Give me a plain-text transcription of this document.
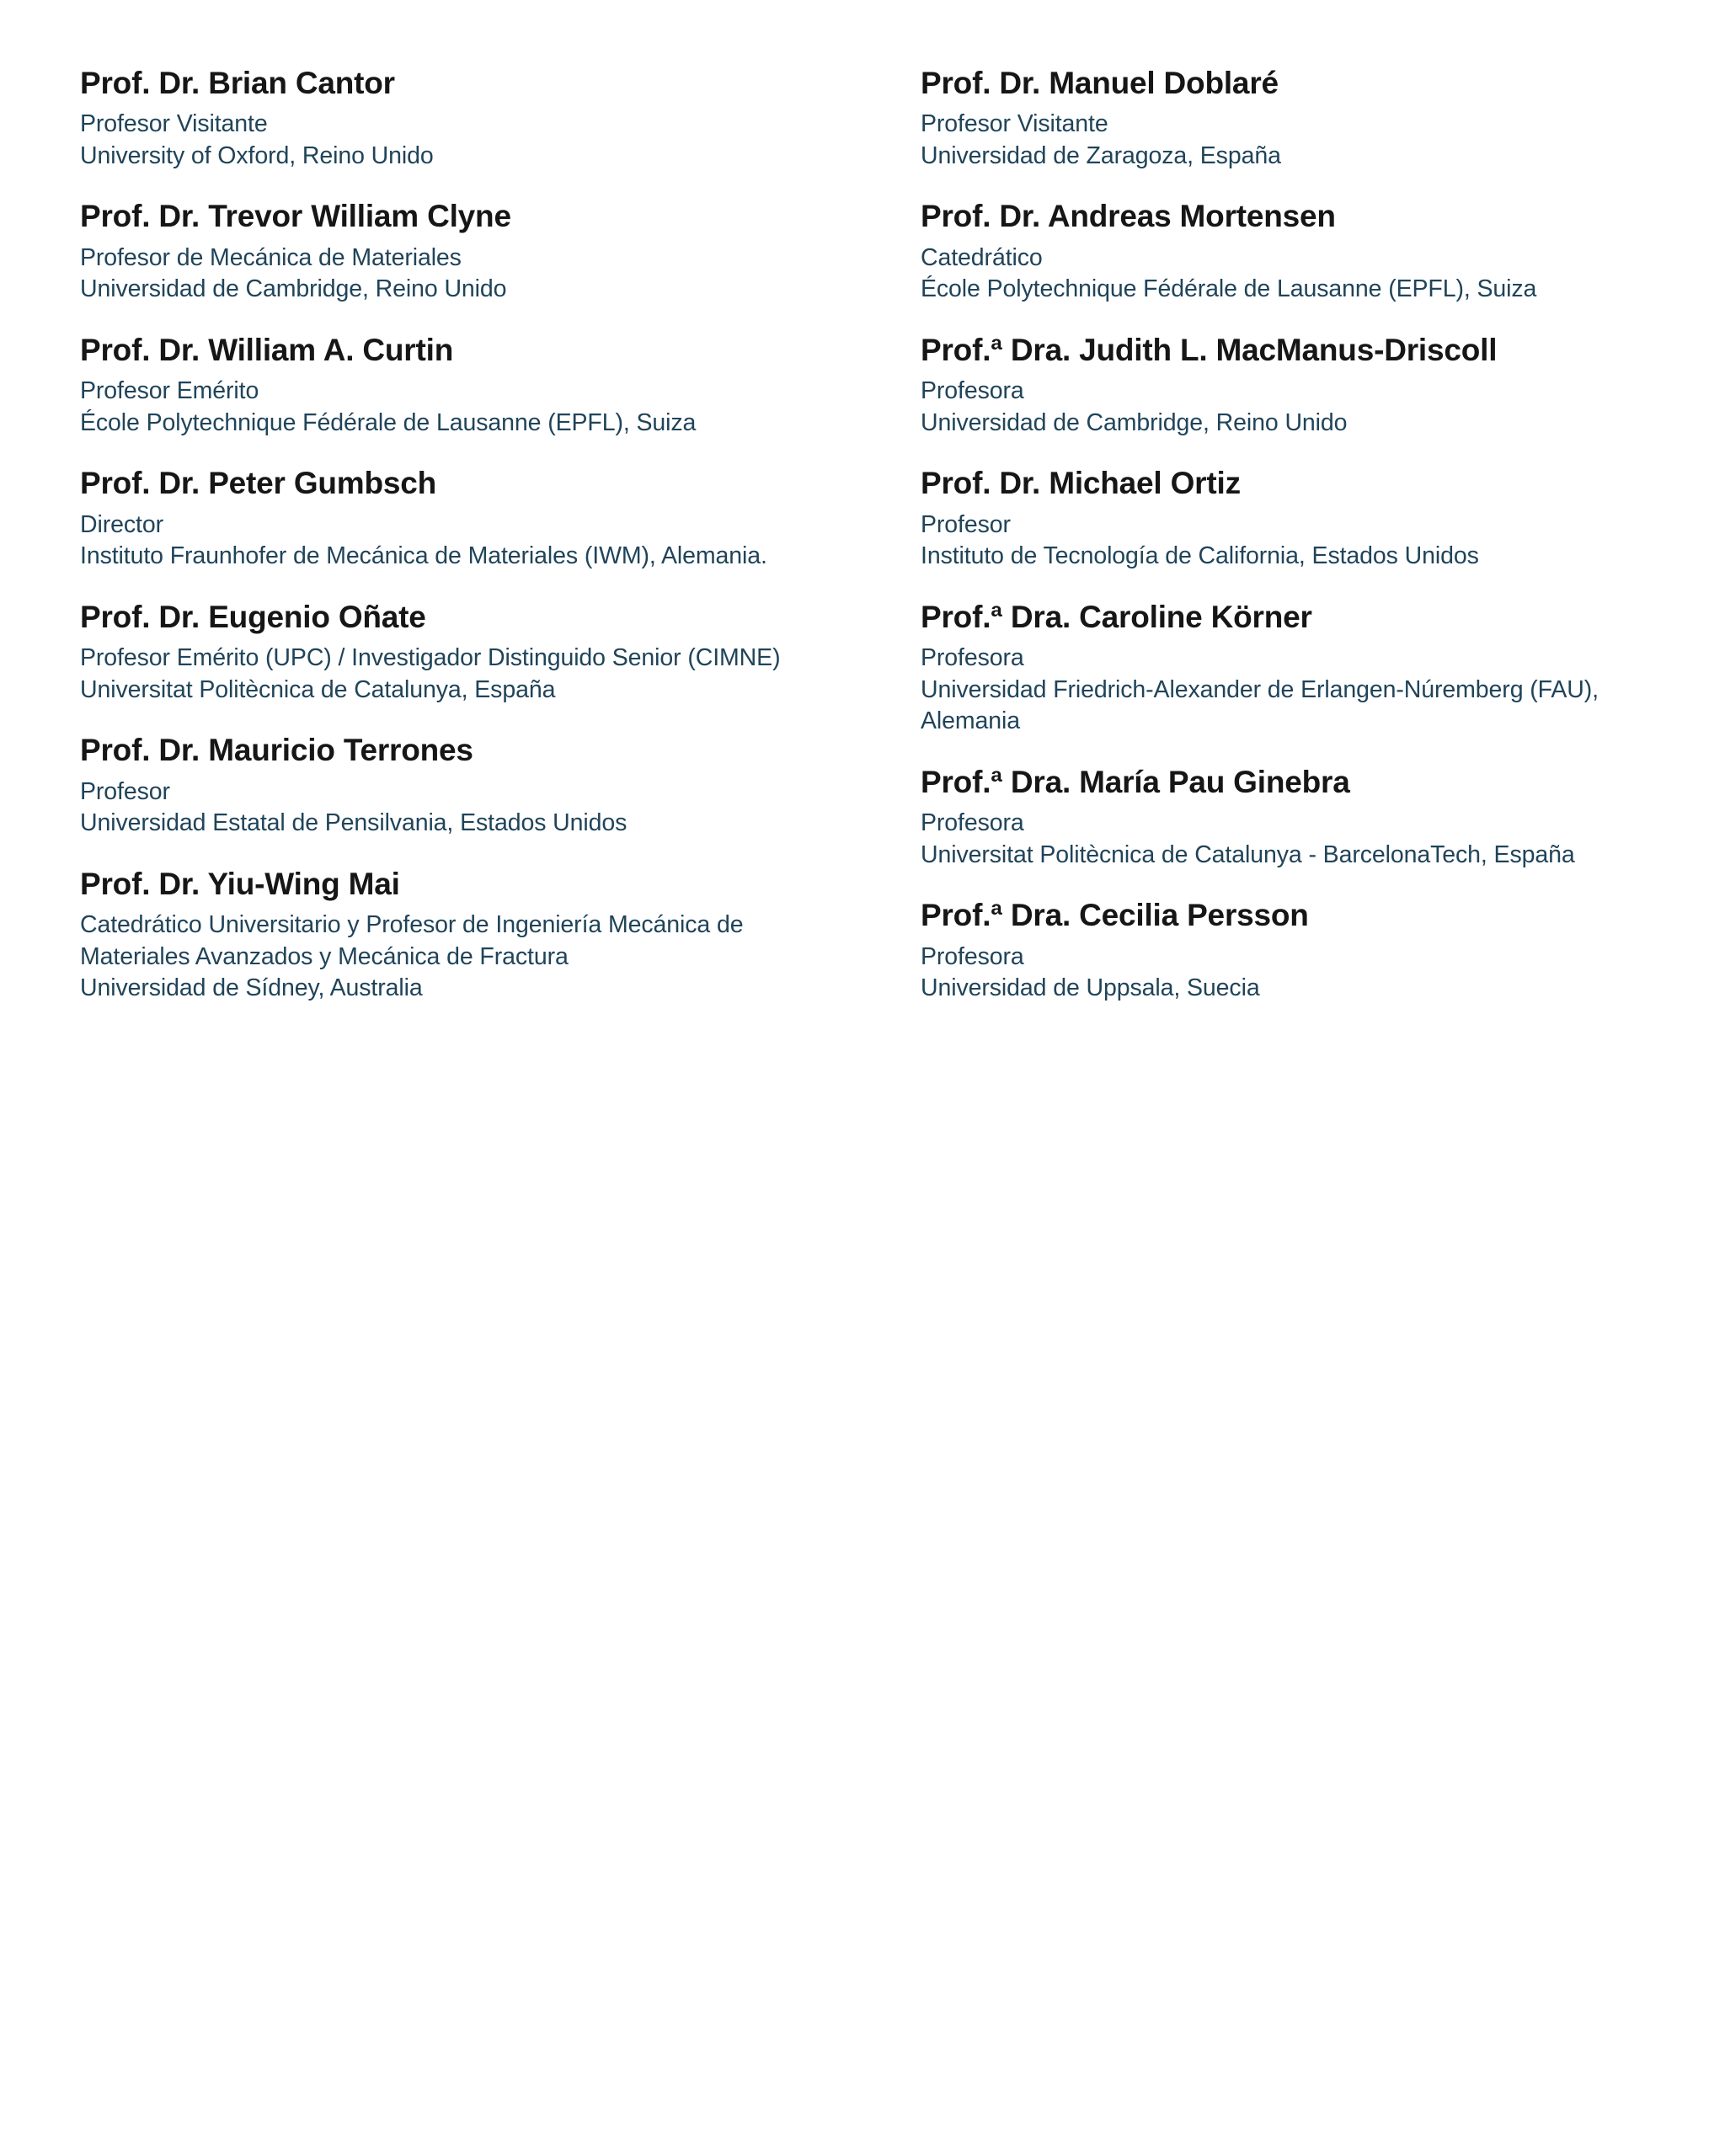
Prof. Dr. Brian Cantor
Profesor Visitante
University of Oxford, Reino Unido
Prof. Dr. Trevor William Clyne
Profesor de Mecánica de Materiales
Universidad de Cambridge, Reino Unido
Prof. Dr. William A. Curtin
Profesor Emérito
École Polytechnique Fédérale de Lausanne (EPFL), Suiza
Prof. Dr. Peter Gumbsch
Director
Instituto Fraunhofer de Mecánica de Materiales (IWM), Alemania.
Prof. Dr. Eugenio Oñate
Profesor Emérito (UPC) / Investigador Distinguido Senior (CIMNE)
Universitat Politècnica de Catalunya, España
Prof. Dr. Mauricio Terrones
Profesor
Universidad Estatal de Pensilvania, Estados Unidos
Prof. Dr. Yiu-Wing Mai
Catedrático Universitario y Profesor de Ingeniería Mecánica de Materiales Avanzados y Mecánica de Fractura
Universidad de Sídney, Australia
Prof. Dr. Manuel Doblaré
Profesor Visitante
Universidad de Zaragoza, España
Prof. Dr. Andreas Mortensen
Catedrático
École Polytechnique Fédérale de Lausanne (EPFL), Suiza
Prof.ª Dra. Judith L. MacManus-Driscoll
Profesora
Universidad de Cambridge, Reino Unido
Prof. Dr. Michael Ortiz
Profesor
Instituto de Tecnología de California, Estados Unidos
Prof.ª Dra. Caroline Körner
Profesora
Universidad Friedrich-Alexander de Erlangen-Núremberg (FAU), Alemania
Prof.ª Dra. María Pau Ginebra
Profesora
Universitat Politècnica de Catalunya - BarcelonaTech, España
Prof.ª Dra. Cecilia Persson
Profesora
Universidad de Uppsala, Suecia
